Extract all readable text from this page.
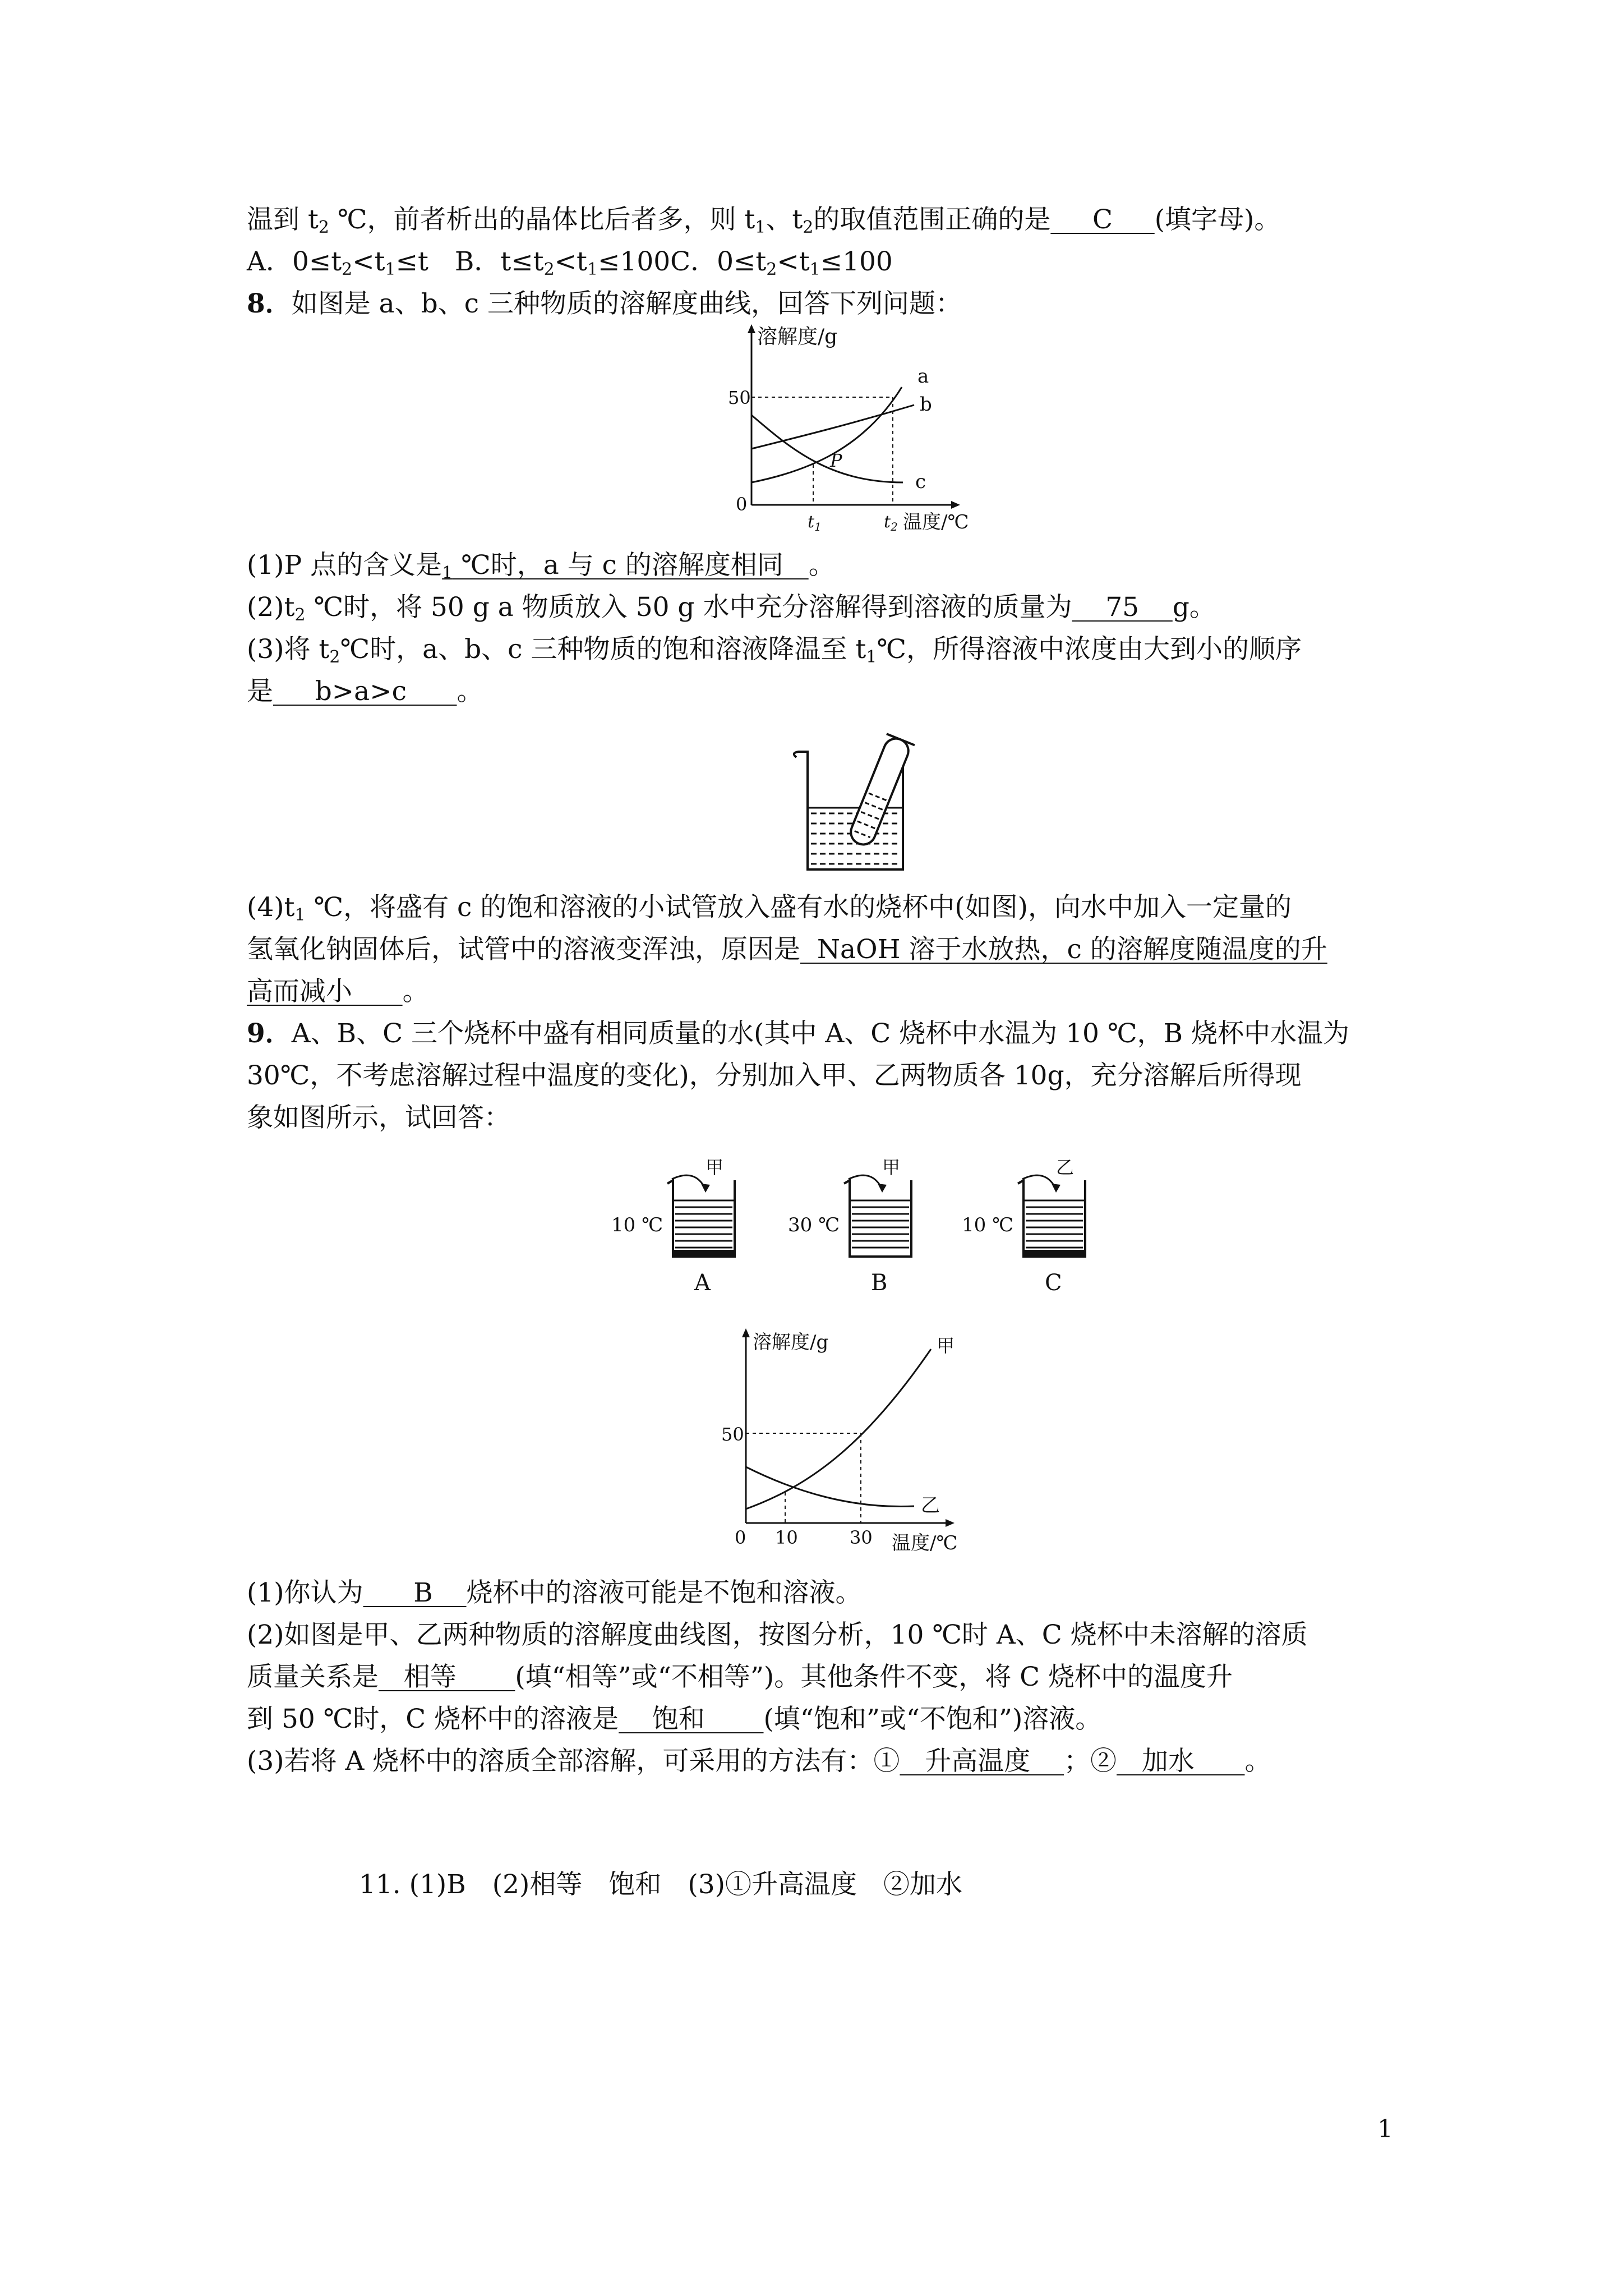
温到 $t_2$ ℃，前者析出的晶体比后者多，则 $t_1$、$t_2$的取值范围正确的是     C     (填字母)。
A．$0\le t_2<t_1\le t$　B．$t\le t_2<t_1\le 100C$．$0\le t_2<t_1\le 100$
8．如图是 a、b、c 三种物质的溶解度曲线，回答下列问题：
溶解度/g
50
0
a
b
c
P
$t_1$	$t_2$ 温度/℃
(1)P 点的含义是$_1$ ℃时，a 与 c 的溶解度相同   。
$(2)t_2$ ℃时，将 50 g a 物质放入 50 g 水中充分溶解得到溶液的质量为    75    g。
(3)将 $t_2℃$时，a、b、c 三种物质的饱和溶液降温至 $t_1℃$，所得溶液中浓度由大到小的顺序
是     b>a>c      。
$(4)t_1$ ℃，将盛有 c 的饱和溶液的小试管放入盛有水的烧杯中(如图)，向水中加入一定量的
氢氧化钠固体后，试管中的溶液变浑浊，原因是  NaOH 溶于水放热，c 的溶解度随温度的升
高而减小      。
9．A、B、C 三个烧杯中盛有相同质量的水(其中 A、C 烧杯中水温为 10 ℃，B 烧杯中水温为
30℃，不考虑溶解过程中温度的变化)，分别加入甲、乙两物质各 10g，充分溶解后所得现
象如图所示，试回答：
10 ℃
甲
A
30 ℃
甲
B
10 ℃
乙
C
溶解度/g
50
0 10	30
甲
乙
温度/℃
(1)你认为      B    烧杯中的溶液可能是不饱和溶液。
(2)如图是甲、乙两种物质的溶解度曲线图，按图分析，10 ℃时 A、C 烧杯中未溶解的溶质
质量关系是   相等       (填“相等”或“不相等”)。其他条件不变，将 C 烧杯中的温度升
到 50 ℃时，C 烧杯中的溶液是    饱和       (填“饱和”或“不饱和”)溶液。
(3)若将 A 烧杯中的溶质全部溶解，可采用的方法有：①   升高温度    ；②   加水      。
11. (1)B　(2)相等　饱和　(3)①升高温度　②加水
1
